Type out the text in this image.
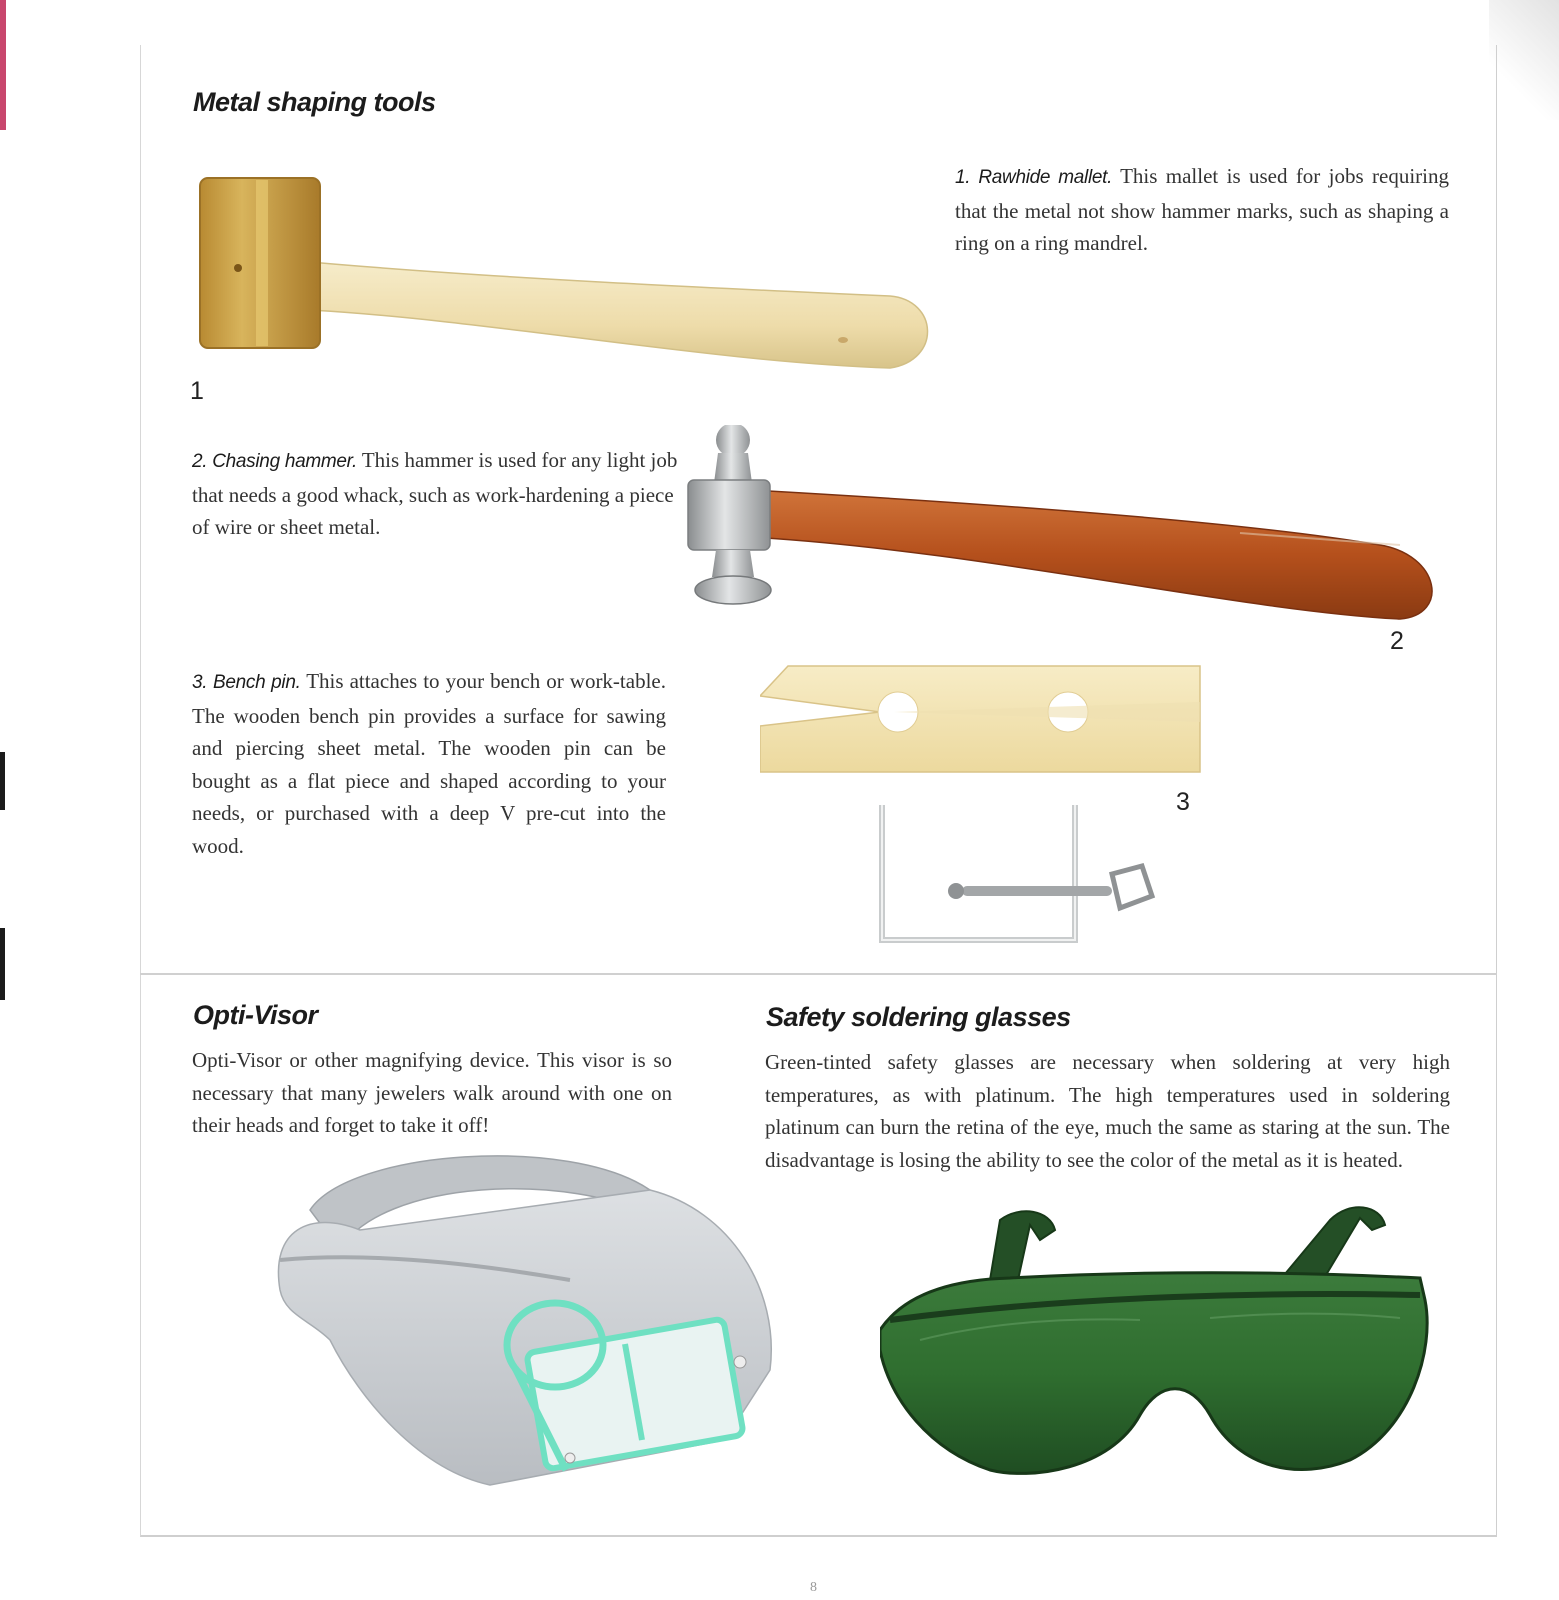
Metal shaping tools

1. Rawhide mallet. This mallet is used for jobs requiring that the metal not show hammer marks, such as shaping a ring on a ring mandrel.

1

2. Chasing hammer. This hammer is used for any light job that needs a good whack, such as work-hardening a piece of wire or sheet metal.

2

3. Bench pin. This attaches to your bench or work-table. The wooden bench pin provides a surface for sawing and piercing sheet metal. The wooden pin can be bought as a flat piece and shaped according to your needs, or purchased with a deep V pre-cut into the wood.

3
Opti-Visor

Opti-Visor or other magnifying device. This visor is so necessary that many jewelers walk around with one on their heads and forget to take it off!

Safety soldering glasses

Green-tinted safety glasses are necessary when soldering at very high temperatures, as with platinum. The high temperatures used in soldering platinum can burn the retina of the eye, much the same as staring at the sun. The disadvantage is losing the ability to see the color of the metal as it is heated.

8
